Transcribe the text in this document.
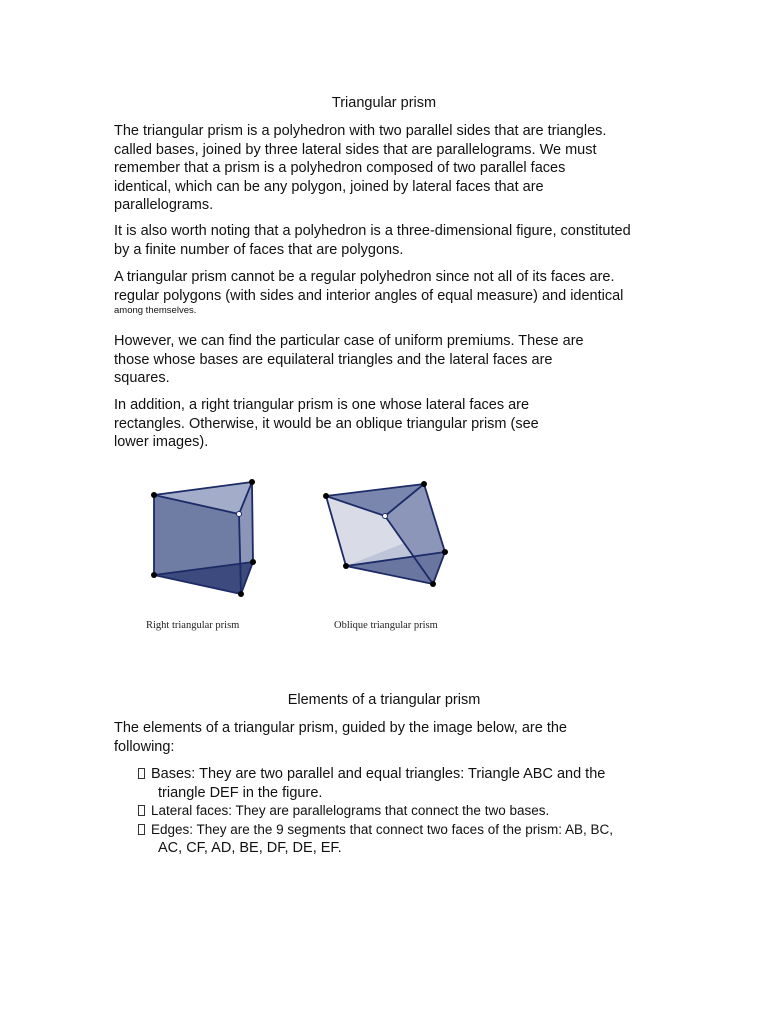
Triangular prism

The triangular prism is a polyhedron with two parallel sides that are triangles.
called bases, joined by three lateral sides that are parallelograms. We must
remember that a prism is a polyhedron composed of two parallel faces
identical, which can be any polygon, joined by lateral faces that are
parallelograms.

It is also worth noting that a polyhedron is a three-dimensional figure, constituted
by a finite number of faces that are polygons.

A triangular prism cannot be a regular polyhedron since not all of its faces are.
regular polygons (with sides and interior angles of equal measure) and identical
among themselves.

However, we can find the particular case of uniform premiums. These are
those whose bases are equilateral triangles and the lateral faces are
squares.

In addition, a right triangular prism is one whose lateral faces are
rectangles. Otherwise, it would be an oblique triangular prism (see
lower images).

Right triangular prism	Oblique triangular prism
Elements of a triangular prism

The elements of a triangular prism, guided by the image below, are the
following:

Bases: They are two parallel and equal triangles: Triangle ABC and the
triangle DEF in the figure.
Lateral faces: They are parallelograms that connect the two bases.
Edges: They are the 9 segments that connect two faces of the prism: AB, BC,
AC, CF, AD, BE, DF, DE, EF.
